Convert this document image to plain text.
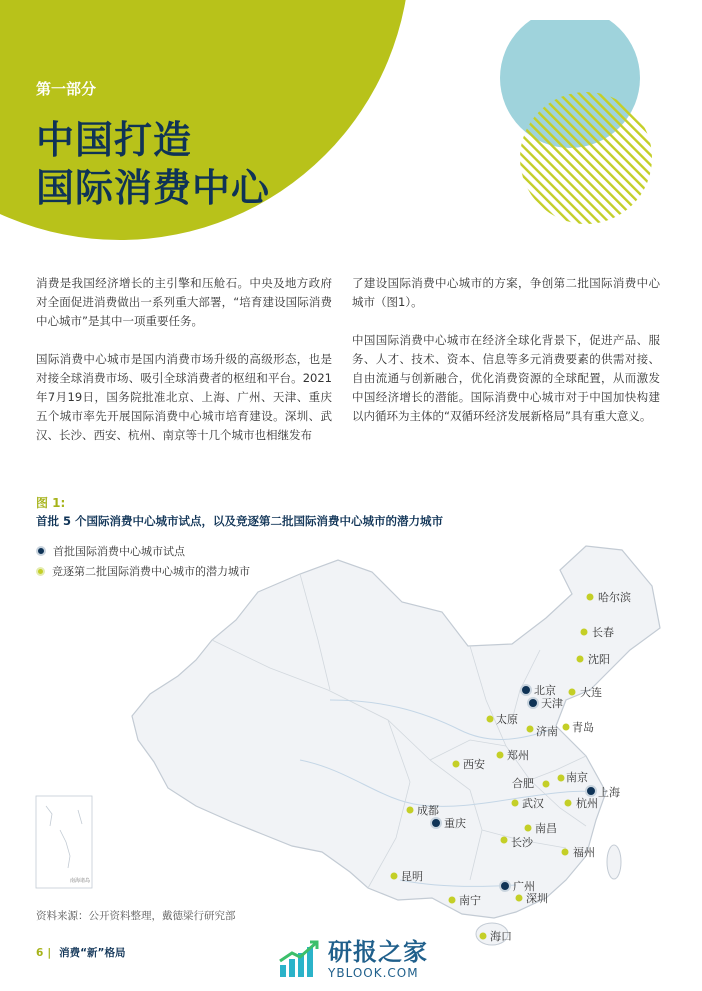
第一部分
中国打造
国际消费中心

消费是我国经济增长的主引擎和压舱石。中央及地方政府对全面促进消费做出一系列重大部署，“培育建设国际消费中心城市”是其中一项重要任务。

国际消费中心城市是国内消费市场升级的高级形态，也是对接全球消费市场、吸引全球消费者的枢纽和平台。2021年7月19日，国务院批准北京、上海、广州、天津、重庆五个城市率先开展国际消费中心城市培育建设。深圳、武汉、长沙、西安、杭州、南京等十几个城市也相继发布

了建设国际消费中心城市的方案，争创第二批国际消费中心城市（图1）。

中国国际消费中心城市在经济全球化背景下，促进产品、服务、人才、技术、资本、信息等多元消费要素的供需对接、自由流通与创新融合，优化消费资源的全球配置，从而激发中国经济增长的潜能。国际消费中心城市对于中国加快构建以内循环为主体的“双循环经济发展新格局”具有重大意义。

图 1:
首批 5 个国际消费中心城市试点，以及竞逐第二批国际消费中心城市的潜力城市
首批国际消费中心城市试点
竞逐第二批国际消费中心城市的潜力城市
南海诸岛
哈尔滨
长春
沈阳
大连
太原
济南 青岛
郑州
西安
合肥	南京
杭州
武汉
成都
南昌
长沙
福州
昆明
深圳
南宁
海口
北京
天津
上海
重庆
广州
资料来源：公开资料整理，戴德梁行研究部
6 | 消费“新”格局	研报之家
YBLOOK.COM
